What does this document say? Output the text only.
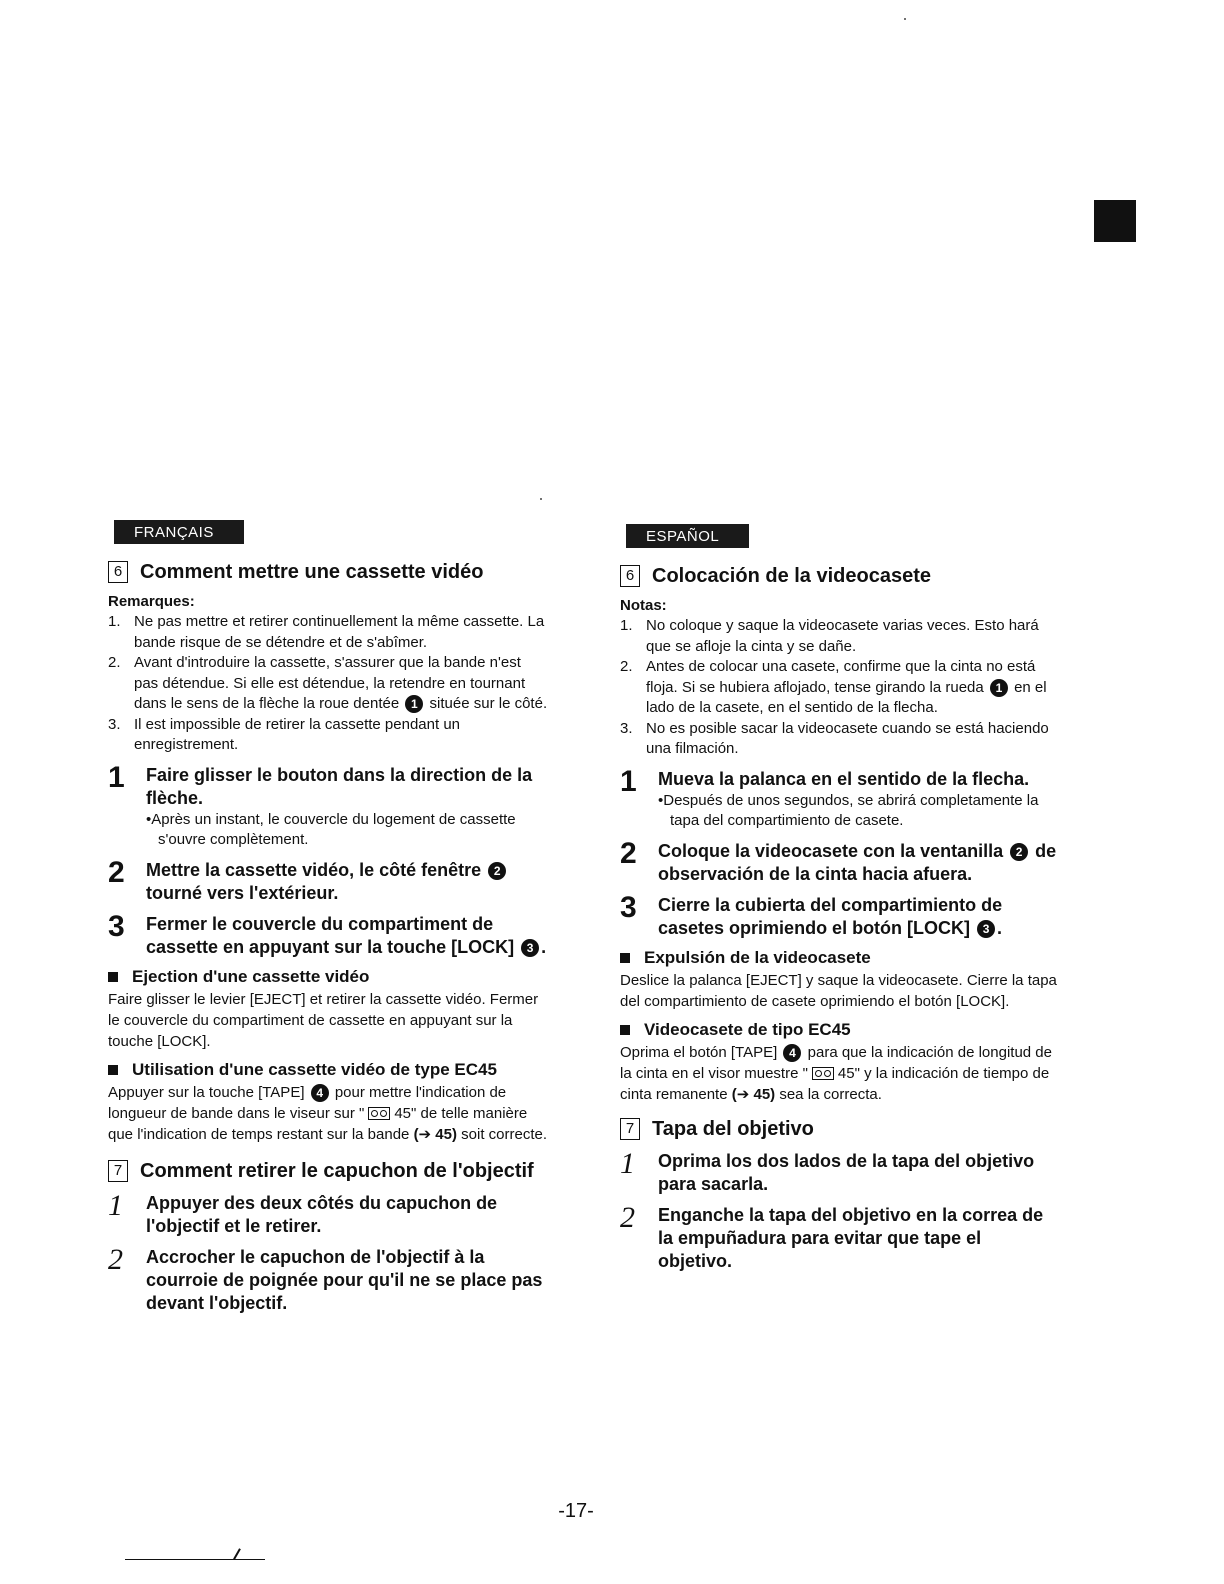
FRANÇAIS
6 Comment mettre une cassette vidéo
Remarques:
1. Ne pas mettre et retirer continuellement la même cassette. La bande risque de se détendre et de s'abîmer.
2. Avant d'introduire la cassette, s'assurer que la bande n'est pas détendue. Si elle est détendue, la retendre en tournant dans le sens de la flèche la roue dentée 1 située sur le côté.
3. Il est impossible de retirer la cassette pendant un enregistrement.
1	Faire glisser le bouton dans la direction de la flèche.
•Après un instant, le couvercle du logement de cassette s'ouvre complètement.
2	Mettre la cassette vidéo, le côté fenêtre 2 tourné vers l'extérieur.
3	Fermer le couvercle du compartiment de cassette en appuyant sur la touche [LOCK] 3 .
Ejection d'une cassette vidéo

Faire glisser le levier [EJECT] et retirer la cassette vidéo. Fermer le couvercle du compartiment de cassette en appuyant sur la touche [LOCK].

Utilisation d'une cassette vidéo de type EC45

Appuyer sur la touche [TAPE] 4 pour mettre l'indication de longueur de bande dans le viseur sur " 45" de telle manière que l'indication de temps restant sur la bande (➔ 45) soit correcte.

7 Comment retirer le capuchon de l'objectif
1	Appuyer des deux côtés du capuchon de l'objectif et le retirer.
2	Accrocher le capuchon de l'objectif à la courroie de poignée pour qu'il ne se place pas devant l'objectif.
ESPAÑOL
6 Colocación de la videocasete
Notas:
1. No coloque y saque la videocasete varias veces. Esto hará que se afloje la cinta y se dañe.
2. Antes de colocar una casete, confirme que la cinta no está floja. Si se hubiera aflojado, tense girando la rueda 1 en el lado de la casete, en el sentido de la flecha.
3. No es posible sacar la videocasete cuando se está haciendo una filmación.
1	Mueva la palanca en el sentido de la flecha.
•Después de unos segundos, se abrirá completamente la tapa del compartimiento de casete.
2	Coloque la videocasete con la ventanilla 2 de observación de la cinta hacia afuera.
3	Cierre la cubierta del compartimiento de casetes oprimiendo el botón [LOCK] 3 .
Expulsión de la videocasete

Deslice la palanca [EJECT] y saque la videocasete. Cierre la tapa del compartimiento de casete oprimiendo el botón [LOCK].

Videocasete de tipo EC45

Oprima el botón [TAPE] 4 para que la indicación de longitud de la cinta en el visor muestre " 45" y la indicación de tiempo de cinta remanente (➔ 45) sea la correcta.

7 Tapa del objetivo
1	Oprima los dos lados de la tapa del objetivo para sacarla.
2	Enganche la tapa del objetivo en la correa de la empuñadura para evitar que tape el objetivo.
-17-
